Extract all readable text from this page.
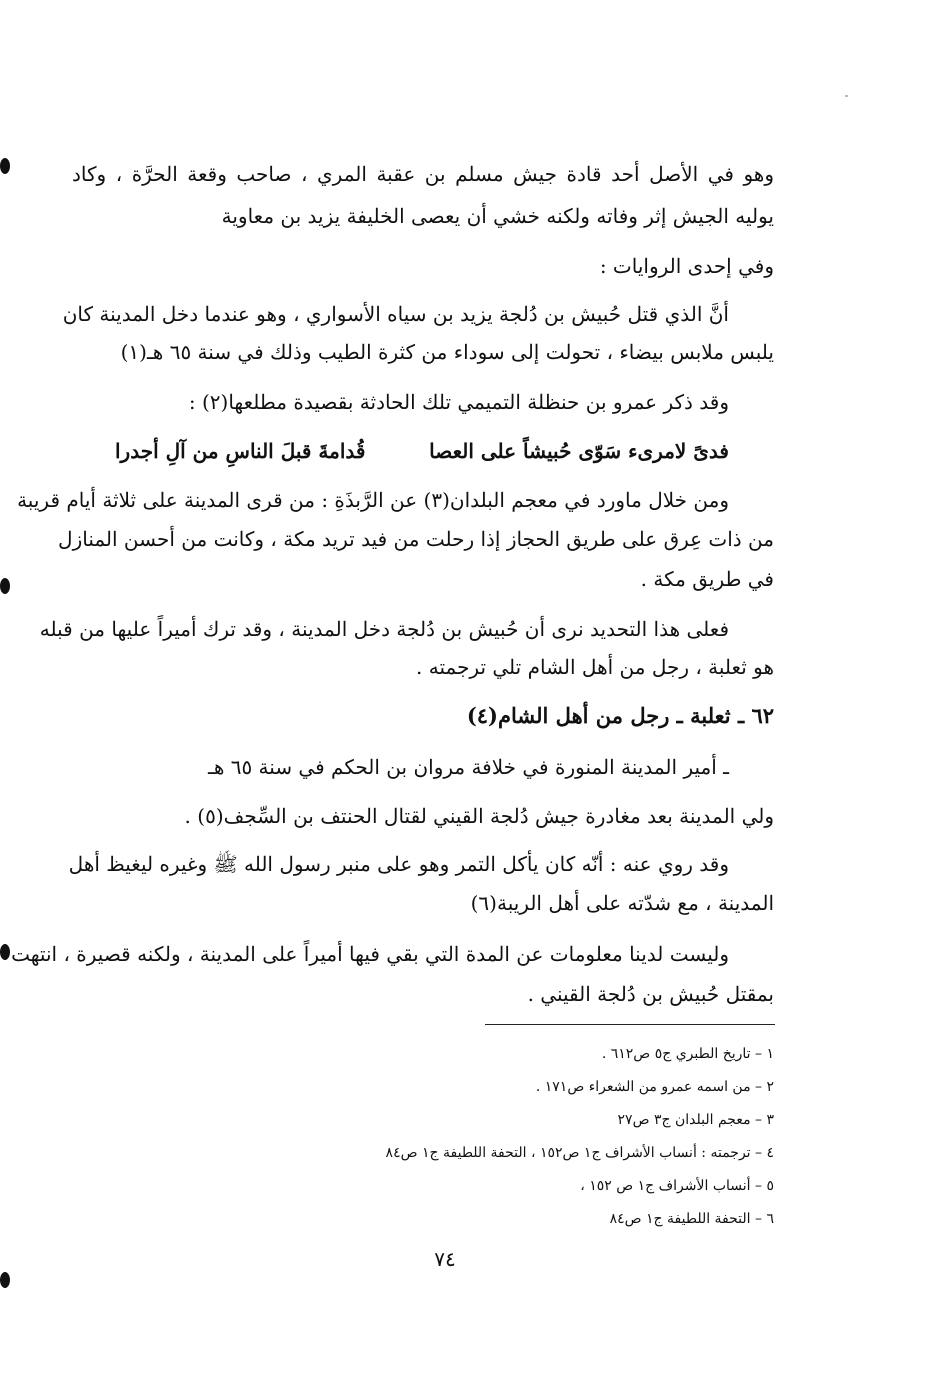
وهو في الأصل أحد قادة جيش مسلم بن عقبة المري ، صاحب وقعة الحرَّة ، وكاد
يوليه الجيش إثر وفاته ولكنه خشي أن يعصى الخليفة يزيد بن معاوية
وفي إحدى الروايات :
أنَّ الذي قتل حُبيش بن دُلجة يزيد بن سياه الأسواري ، وهو عندما دخل المدينة كان
يلبس ملابس بيضاء ، تحولت إلى سوداء من كثرة الطيب وذلك في سنة ٦٥ هـ(١)
وقد ذكر عمرو بن حنظلة التميمي تلك الحادثة بقصيدة مطلعها(٢) :
فدىً لامرىء سَوّى حُبيشاً على العصا
قُدامةَ قبلَ الناسِ من آلِ أجدرا
ومن خلال ماورد في معجم البلدان(٣) عن الرَّبذَةِ : من قرى المدينة على ثلاثة أيام قريبة
من ذات عِرق على طريق الحجاز إذا رحلت من فيد تريد مكة ، وكانت من أحسن المنازل
في طريق مكة .
فعلى هذا التحديد نرى أن حُبيش بن دُلجة دخل المدينة ، وقد ترك أميراً عليها من قبله
هو ثعلبة ، رجل من أهل الشام تلي ترجمته .
٦٢ ـ ثعلبة ـ رجل من أهل الشام(٤)
ـ أمير المدينة المنورة في خلافة مروان بن الحكم في سنة ٦٥ هـ
ولي المدينة بعد مغادرة جيش دُلجة القيني لقتال الحنتف بن السِّجف(٥) .
وقد روي عنه : أنّه كان يأكل التمر وهو على منبر رسول الله ﷺ وغيره ليغيظ أهل
المدينة ، مع شدّته على أهل الريبة(٦)
وليست لدينا معلومات عن المدة التي بقي فيها أميراً على المدينة ، ولكنه قصيرة ، انتهت
بمقتل حُبيش بن دُلجة القيني .
١ – تاريخ الطبري ج٥ ص٦١٢ .
٢ – من اسمه عمرو من الشعراء ص١٧١ .
٣ – معجم البلدان ج٣ ص٢٧
٤ – ترجمته : أنساب الأشراف ج١ ص١٥٢ ، التحفة اللطيفة ج١ ص٨٤
٥ – أنساب الأشراف ج١ ص ١٥٢ ،
٦ – التحفة اللطيفة ج١ ص٨٤
٧٤
